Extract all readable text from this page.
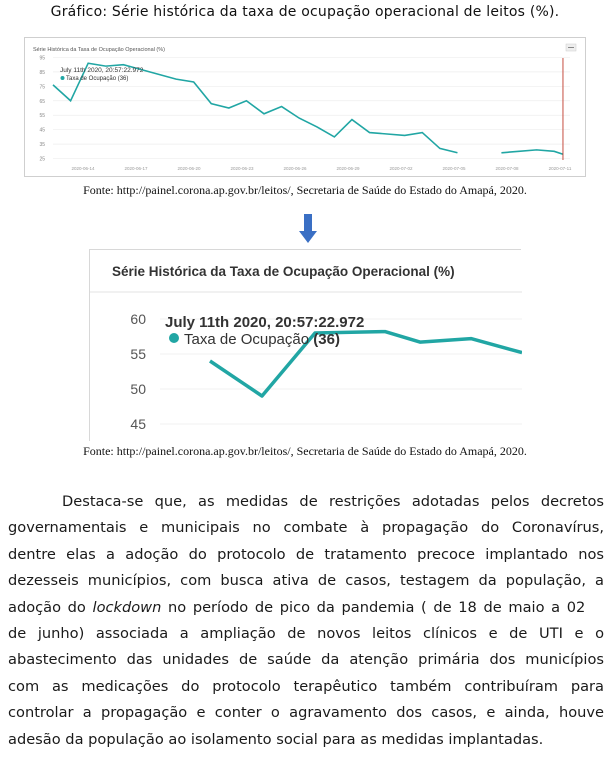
Gráfico: Série histórica da taxa de ocupação operacional de leitos (%).
Série Histórica da Taxa de Ocupação Operacional (%)
25
35
45
55
65
75
85
95
2020-06-14	2020-06-17	2020-06-20	2020-06-23	2020-06-26	2020-06-29	2020-07-02	2020-07-05	2020-07-08	2020-07-11
July 11th 2020, 20:57:22.972
Taxa de Ocupação (36)
Fonte: http://painel.corona.ap.gov.br/leitos/, Secretaria de Saúde do Estado do Amapá, 2020.
Série Histórica da Taxa de Ocupação Operacional (%)
60
55
50
45
July 11th 2020, 20:57:22.972
Taxa de Ocupação (36)
Fonte: http://painel.corona.ap.gov.br/leitos/, Secretaria de Saúde do Estado do Amapá, 2020.
Destaca-se que, as medidas de restrições adotadas pelos decretos
governamentais e municipais no combate à propagação do Coronavírus,
dentre elas a adoção do protocolo de tratamento precoce implantado nos
dezesseis municípios, com busca ativa de casos, testagem da população, a
adoção do lockdown no período de pico da pandemia ( de 18 de maio a 02
de junho) associada a ampliação de novos leitos clínicos e de UTI e o
abastecimento das unidades de saúde da atenção primária dos municípios
com as medicações do protocolo terapêutico também contribuíram para
controlar a propagação e conter o agravamento dos casos, e ainda, houve
adesão da população ao isolamento social para as medidas implantadas.
